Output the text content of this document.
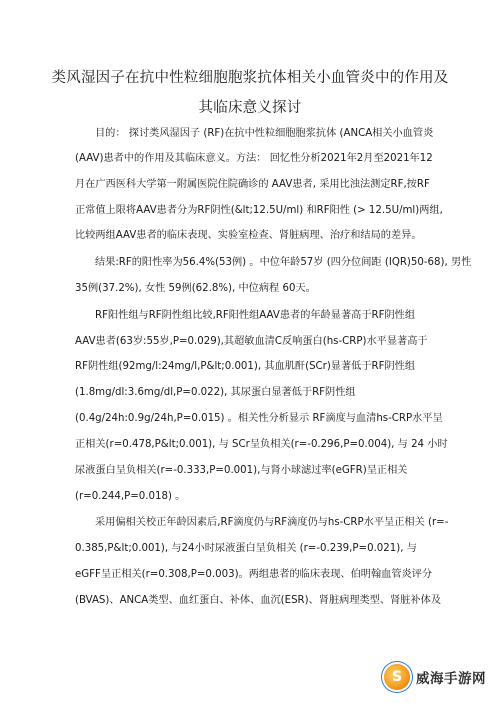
类风湿因子在抗中性粒细胞胞浆抗体相关小血管炎中的作用及
其临床意义探讨
目的： 探讨类风湿因子 (RF)在抗中性粒细胞胞浆抗体 (ANCA相关小血管炎
(AAV)患者中的作用及其临床意义。方法： 回忆性分析2021年2月至2021年12
月在广西医科大学第一附属医院住院确诊的 AAV患者, 采用比浊法测定RF,按RF
正常值上限将AAV患者分为RF阴性(&lt;12.5U/ml) 和RF阳性 (> 12.5U/ml)两组,
比较两组AAV患者的临床表现、实验室检查、肾脏病理、治疗和结局的差异。
结果:RF的阳性率为56.4%(53例) 。中位年龄57岁 (四分位间距 (IQR)50-68), 男性
35例(37.2%), 女性 59例(62.8%), 中位病程 60天。
RF阳性组与RF阴性组比较,RF阳性组AAV患者的年龄显著高于RF阴性组
AAV患者(63岁:55岁,P=0.029),其超敏血清C反响蛋白(hs-CRP)水平显著高于
RF阴性组(92mg/l:24mg/l,P&lt;0.001), 其血肌酐(SCr)显著低于RF阴性组
(1.8mg/dl:3.6mg/dl,P=0.022), 其尿蛋白显著低于RF阴性组
(0.4g/24h:0.9g/24h,P=0.015) 。相关性分析显示 RF滴度与血清hs-CRP水平呈
正相关(r=0.478,P&lt;0.001), 与 SCr呈负相关(r=-0.296,P=0.004), 与 24 小时
尿液蛋白呈负相关(r=-0.333,P=0.001),与肾小球滤过率(eGFR)呈正相关
(r=0.244,P=0.018) 。
采用偏相关校正年龄因素后,RF滴度仍与RF滴度仍与hs-CRP水平呈正相关 (r=-
0.385,P&lt;0.001), 与24小时尿液蛋白呈负相关 (r=-0.239,P=0.021), 与
eGFF呈正相关(r=0.308,P=0.003)。两组患者的临床表现、伯明翰血管炎评分
(BVAS)、ANCA类型、血红蛋白、补体、血沉(ESR)、肾脏病理类型、肾脏补体及
S	威海手游网
